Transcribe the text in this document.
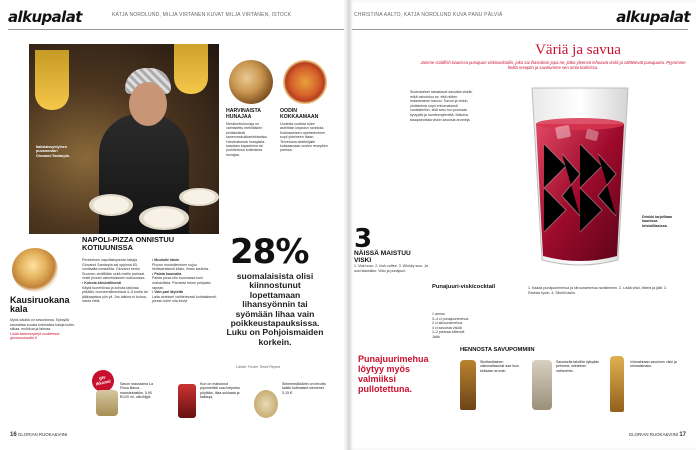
alkupalat	KATJA NORDLUND, MILJA VIRTANEN KUVAT MILJA VIRTANEN, ISTOCK
Italialaissyntyinen pizzamestari Giovanni Santarpia.
HARVINAISTA HUNAJAA
Mesikontiohunaja on valmistettu mehiläisten keräämästä kanervankukkaniektarista. Harvinaisesta hunajasta saadaan kapseleina tai purkitettuna kotimaista hunajaa.
OODIN KOKKAAMAAN
Uudesta oodista tulee asteittain kirjaston ravintola. Kokkaamisen opetteleminen sopii yhteiseen tilaan. Tervetuloa aloittelijalle kokkaamaan uusien reseptien parissa.
NAPOLI-PIZZA ONNISTUU KOTIUUNISSA
Perinteisen napolilaispizzan taitaja Giovanni Santarpia sai oppinsa 83-vuotiaalta mestarilta. Giovanni kertoi Suomen-visiitillään sekä meille parhaat vinkit pizzan valmistukseen kotiuunissa.
• Kohota kärsivällisesti
Käytä tuorehiivaa ja kohota taikinaa pitkään: huoneenlämmössä 4–5 tuntia tai jääkaapissa yön yli. Jos taikina ei kohoa, odota vielä.
• Muotoile käsin
Pizzan muotoileminen sujuu hellävaraisesti käsin, ilman kaulinta.
• Paista kuumalla
Paista pizza niin kuumassa kuin mahdollista. Pizzakivi tekee pohjasta rapean.
• Vain pari täytettä
Laita ainekset vaihtelevasti kohtalaisesti, pizzan tulee olla kevyt.
28%
suomalaisista olisi kiinnostunut lopettamaan lihansyönnin tai syömään lihaa vain poikkeustapauksissa. Luku on Pohjoismaiden korkein.
Lähde: Foster Trend Report
Kausiruokana kala
Myös kalalla on sesonkinsa. Syksyllä kannattaa suosia kotimaisia kaloja kuten siikaa, muikkua ja lahnaa.
Lisää kalareseptejä osoitteesta gloriaruokaviini.fi
gtv ikkuna!	Savon maustama La Finca Barca -maustekastike, 5,90 €/120 ml, oliiviöljyä.
Kun on maistunut pipomettää uusi helpotus pöytään, tilaa suklaata ja kakkuja.
Siemennäkkäriin on leivottu kaikki kotimaiset siemenet, 3,15 €.
16 GLORIAN RUOKA&VIINI
CHRISTINA AALTO, KATJA NORDLUND KUVA PANU PÄLVIÄ	alkupalat
Väriä ja savua
Jamme Goldfish-baarissa punajuuri-viskicocktailin, joka sai ihastuksin jopa ne, jotka yleensä inhoavat viskit ja välttelevät punajuurta. Pyysimme heiltä reseptin ja savelumme sen omia kotiisissa.
Suomalaiset rakastavat savuista viskiä, mikä vahvistuu se, että niiden maistaminen kasvoi. Savun ja viskin yhdistelmä sopii erinomaisesti cocktaileihin, sillä savu tuo juomaan syvyyttä ja luonteenpiirrettä. Makeus tasapainottaa viskin savuisia aromeja.
Drinkki tarjoillaan kaunissa kristallilasissa.
3
NÄISSÄ MAISTUU VISKI
1. Viski sour. 2. Irish coffee. 3. Whisky sour. Ja uusi klassikko: Viski ja punajuuri.
Punajuuri-viskicocktail

1 annos
3–4 cl punajuurimehua
2 cl sitruunamehua
4 cl savuista viskiä
1–2 pisaraa bittersiä
Jäitä

1. Kaada punajuurimehua ja sitruunamehua ravistimeen. 2. Lisää viski, bitters ja jäät. 3. Ravista hyvin. 4. Siivilöi lasiin.
Punajuurimehua löytyy myös valmiiksi pullotettuna.
HENNOSTA SAVUPOMMIIN
Skotlantilainen viskimallasviski saa ison kirkkaan aromin.
Savuisella tahdilla nykyään pehmeä, mieleinen vaihtoehto.
Voimakkaan savuinen viski ja ominaismaku.
GLORIAN RUOKA&VIINI 17
